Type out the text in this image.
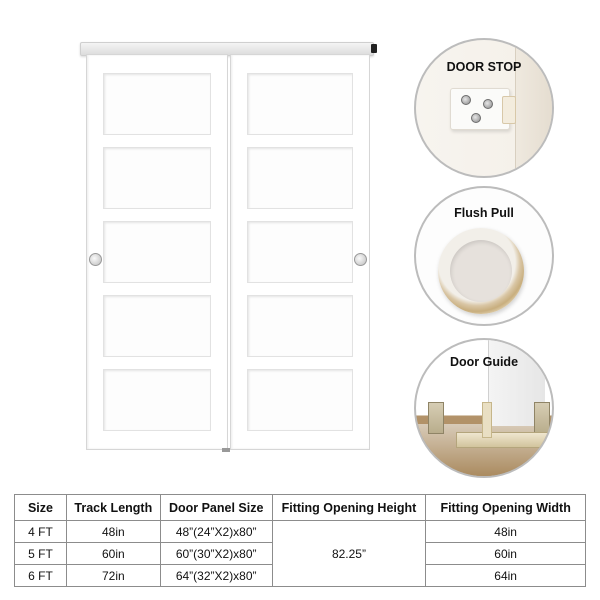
DOOR STOP
Flush Pull
Door Guide
Size	Track Length	Door Panel Size	Fitting Opening Height	Fitting Opening Width
4 FT	48in	48”(24”X2)x80”	82.25”	48in
5 FT	60in	60”(30”X2)x80”		60in
6 FT	72in	64”(32”X2)x80”		64in
